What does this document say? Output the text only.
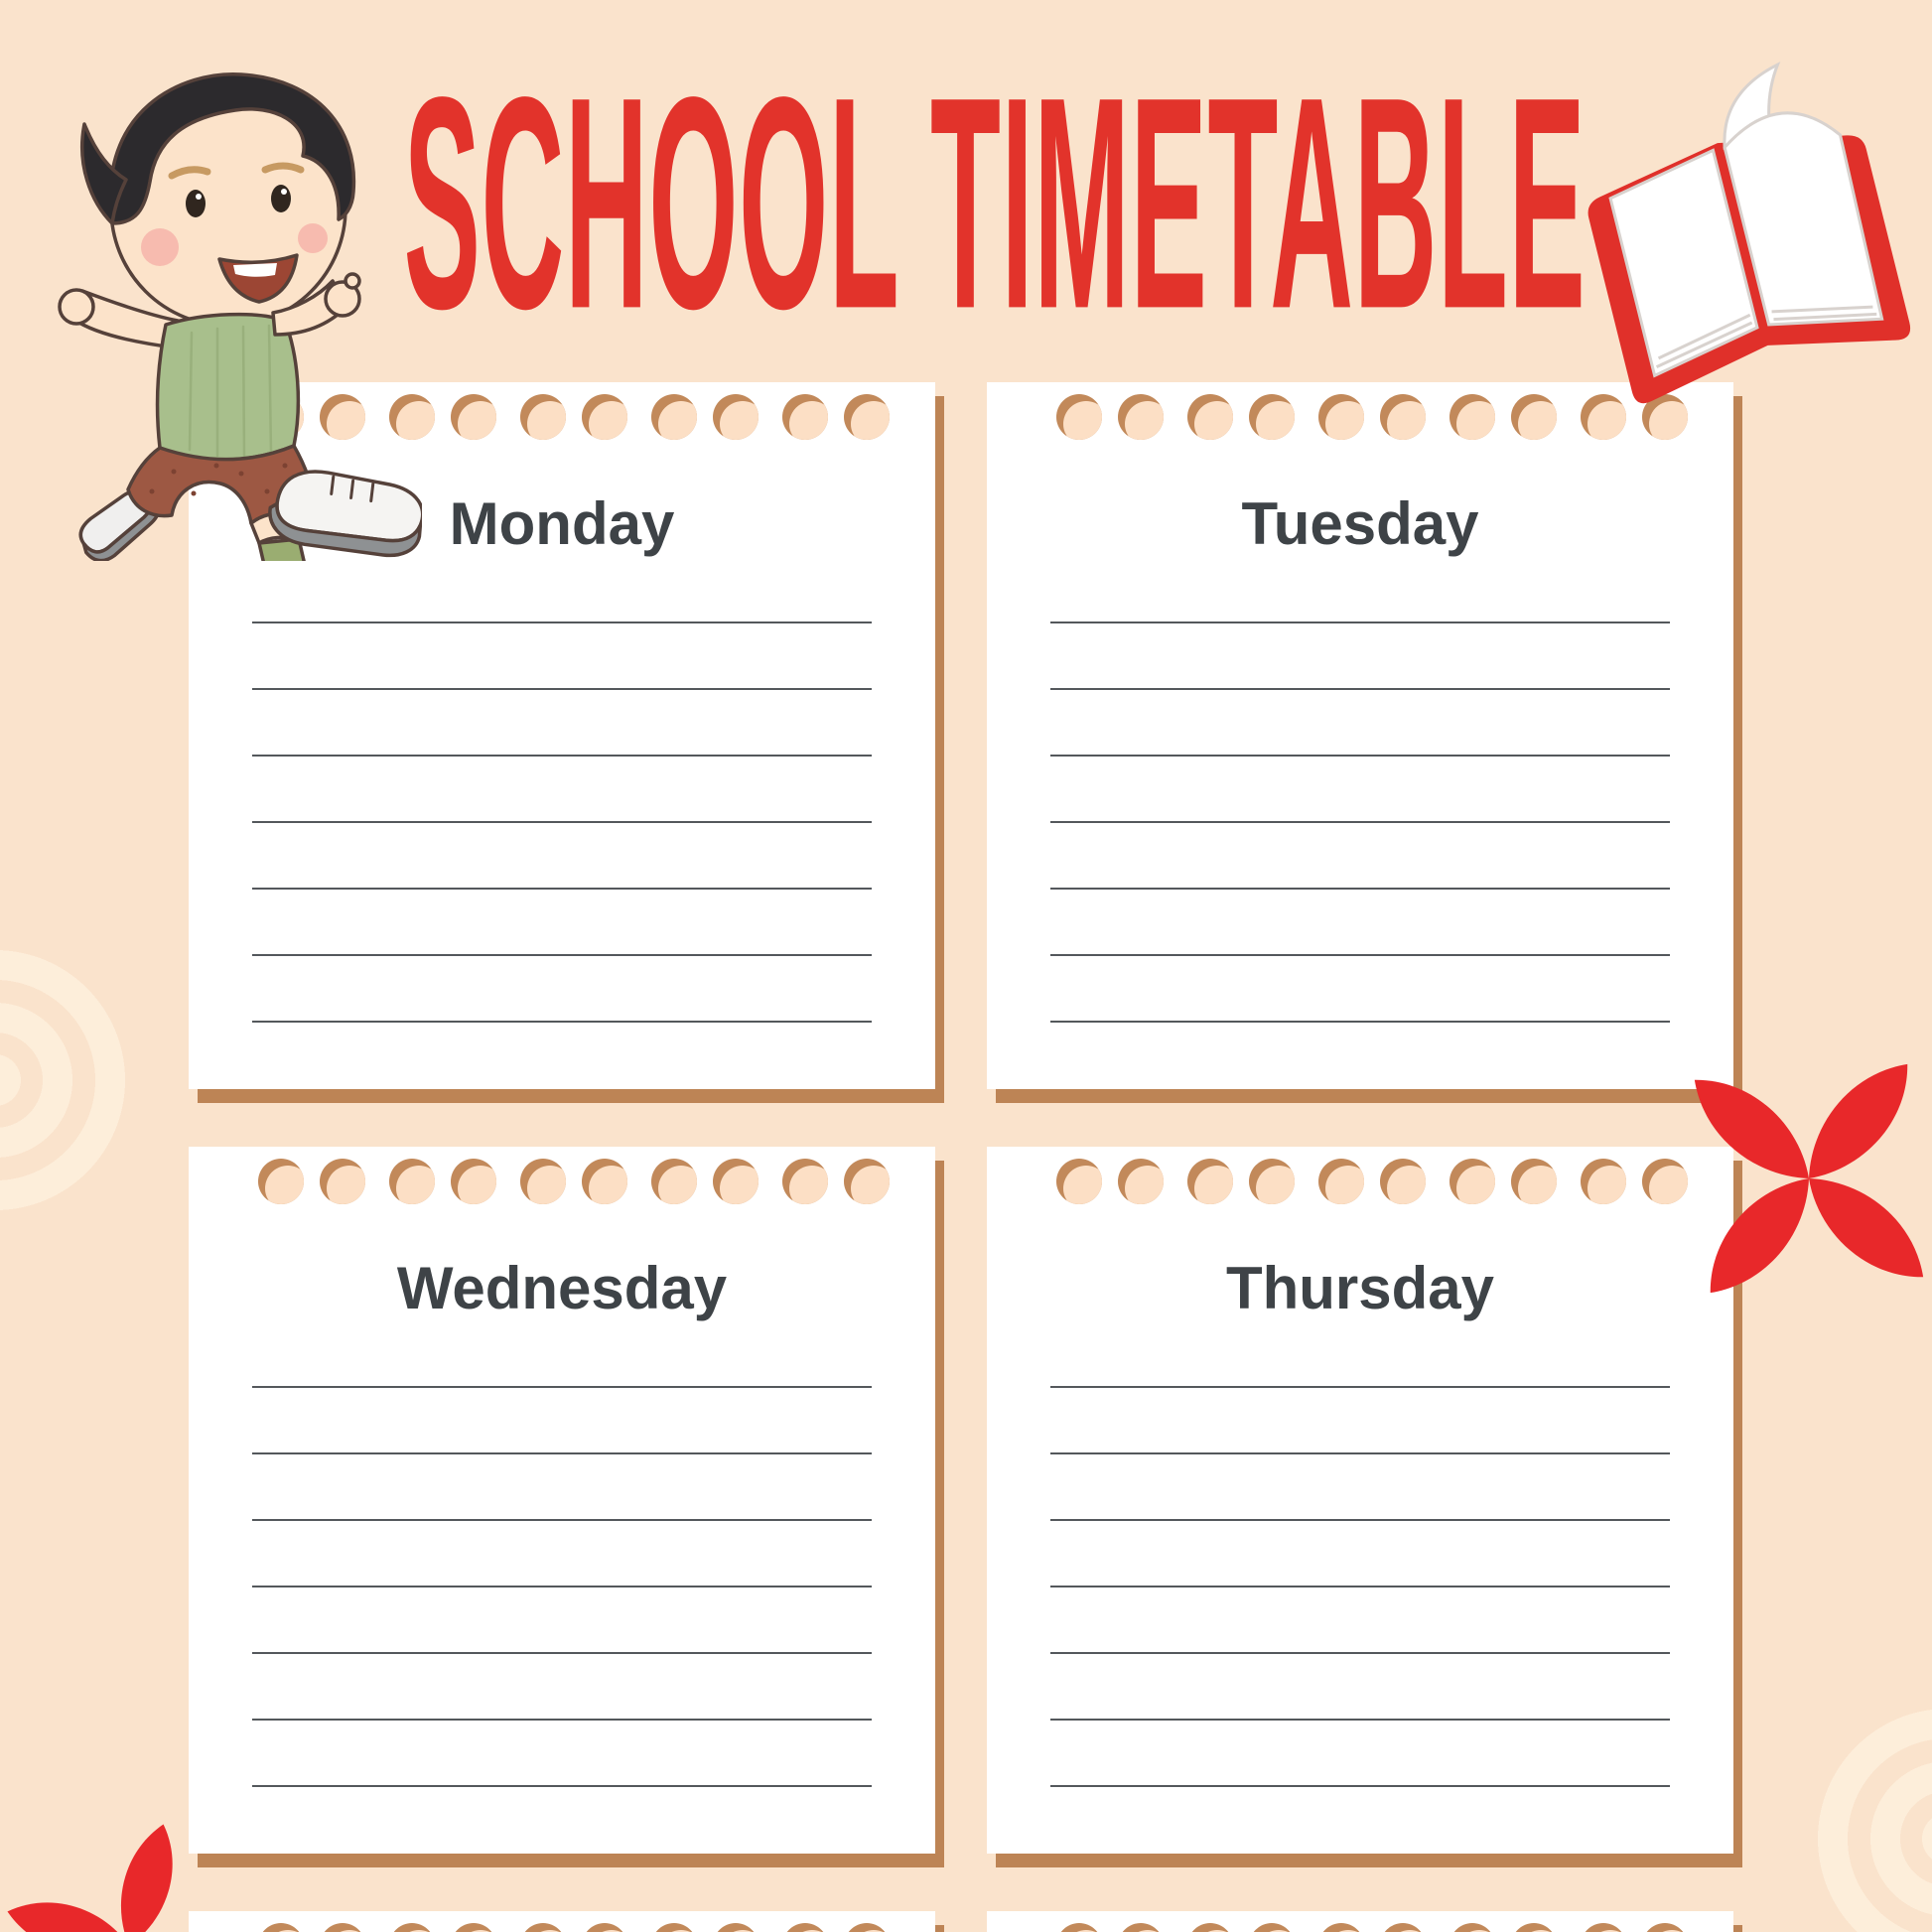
SCHOOL TIMETABLE
Monday	Tuesday
Wednesday	Thursday
